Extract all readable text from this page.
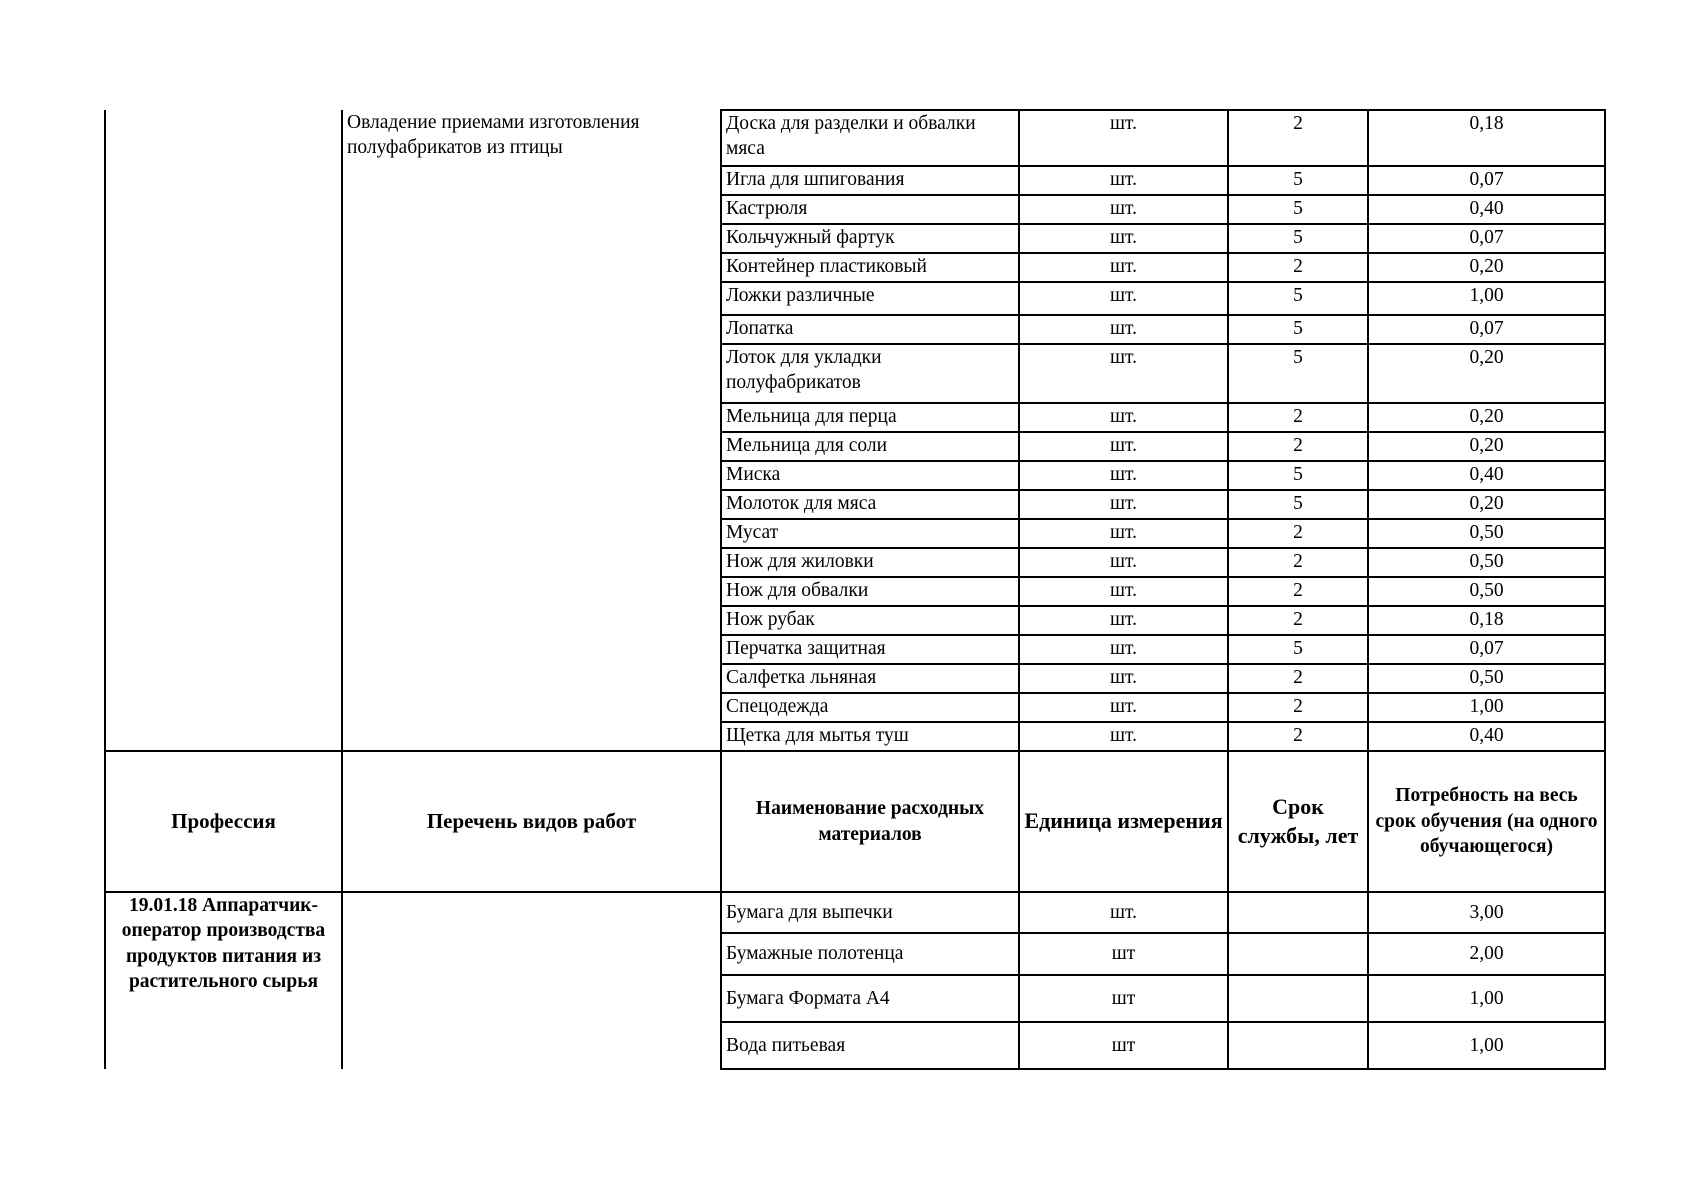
	Овладение приемами изготовления полуфабрикатов из птицы	Доска для разделки и обвалки мяса	шт.	2	0,18
		Игла для шпигования	шт.	5	0,07
		Кастрюля	шт.	5	0,40
		Кольчужный фартук	шт.	5	0,07
		Контейнер пластиковый	шт.	2	0,20
		Ложки различные	шт.	5	1,00
		Лопатка	шт.	5	0,07
		Лоток для укладки полуфабрикатов	шт.	5	0,20
		Мельница для перца	шт.	2	0,20
		Мельница для соли	шт.	2	0,20
		Миска	шт.	5	0,40
		Молоток для мяса	шт.	5	0,20
		Мусат	шт.	2	0,50
		Нож для жиловки	шт.	2	0,50
		Нож для обвалки	шт.	2	0,50
		Нож рубак	шт.	2	0,18
		Перчатка защитная	шт.	5	0,07
		Салфетка льняная	шт.	2	0,50
		Спецодежда	шт.	2	1,00
		Щетка для мытья туш	шт.	2	0,40
Профессия	Перечень видов работ	Наименование расходных материалов	Единица измерения	Срок службы, лет	Потребность на весь срок обучения (на одного обучающегося)
19.01.18 Аппаратчик-оператор производства продуктов питания из растительного сырья		Бумага для выпечки	шт.		3,00
		Бумажные полотенца	шт		2,00
		Бумага Формата А4	шт		1,00
		Вода питьевая	шт		1,00
